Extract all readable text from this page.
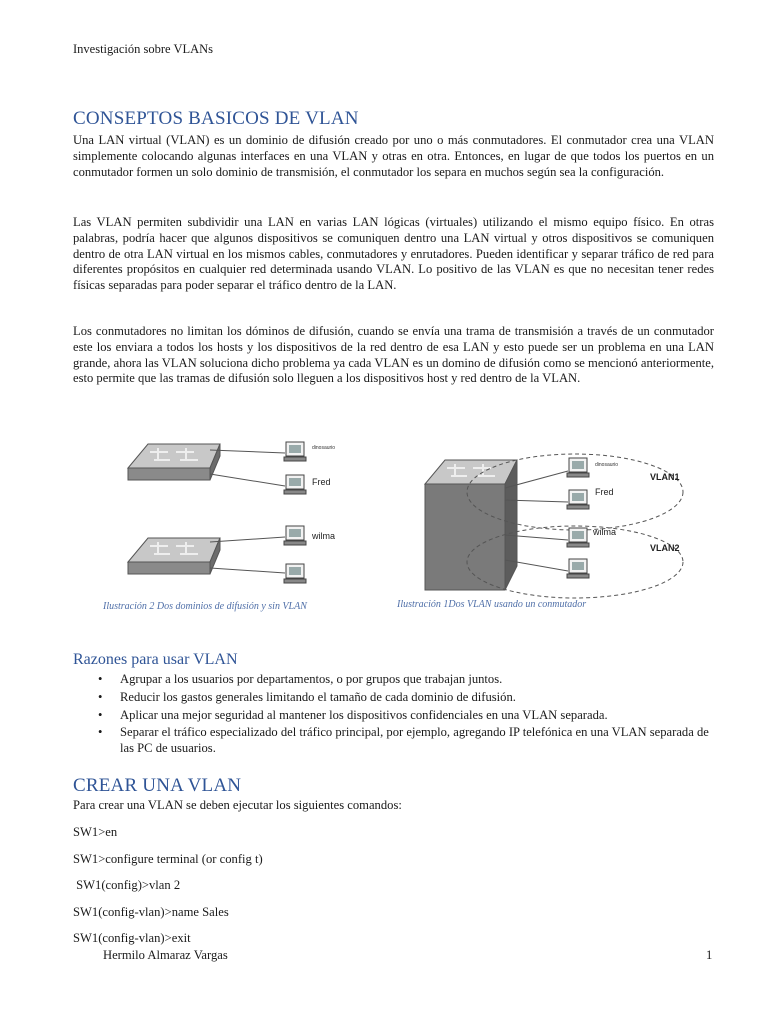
Investigación sobre VLANs
CONSEPTOS BASICOS DE VLAN
Una LAN virtual (VLAN) es un dominio de difusión creado por uno o más conmutadores. El conmutador crea una VLAN simplemente colocando algunas interfaces en una VLAN y otras en otra. Entonces, en lugar de que todos los puertos en un conmutador formen un solo dominio de transmisión, el conmutador los separa en muchos según sea la configuración.
Las VLAN permiten subdividir una LAN en varias LAN lógicas (virtuales) utilizando el mismo equipo físico. En otras palabras, podría hacer que algunos dispositivos se comuniquen dentro una LAN virtual y otros dispositivos se comuniquen dentro de otra LAN virtual en los mismos cables, conmutadores y enrutadores. Pueden identificar y separar tráfico de red para diferentes propósitos en cualquier red determinada usando VLAN. Lo positivo de las VLAN es que no necesitan tener redes físicas separadas para poder separar el tráfico dentro de la LAN.
Los conmutadores no limitan los dóminos de difusión, cuando se envía una trama de transmisión a través de un conmutador este los enviara a todos los hosts y los dispositivos de la red dentro de esa LAN y esto puede ser un problema en una LAN grande, ahora las VLAN soluciona dicho problema ya cada VLAN es un domino de difusión como se mencionó anteriormente, esto permite que las tramas de difusión solo lleguen a los dispositivos host y red dentro de la VLAN.
dinosaurio
Fred
wilma
dinosaurio
Fred
wilma
VLAN1
VLAN2
Ilustración 2 Dos dominios de difusión y sin VLAN	Ilustración 1Dos VLAN usando un conmutador
Razones para usar VLAN
• Agrupar a los usuarios por departamentos, o por grupos que trabajan juntos.
• Reducir los gastos generales limitando el tamaño de cada dominio de difusión.
• Aplicar una mejor seguridad al mantener los dispositivos confidenciales en una VLAN separada.
• Separar el tráfico especializado del tráfico principal, por ejemplo, agregando IP telefónica en una VLAN separada de las PC de usuarios.
CREAR UNA VLAN
Para crear una VLAN se deben ejecutar los siguientes comandos:
SW1>en
SW1>configure terminal (or config t)
SW1(config)>vlan 2
SW1(config-vlan)>name Sales
SW1(config-vlan)>exit
Hermilo Almaraz Vargas	1
